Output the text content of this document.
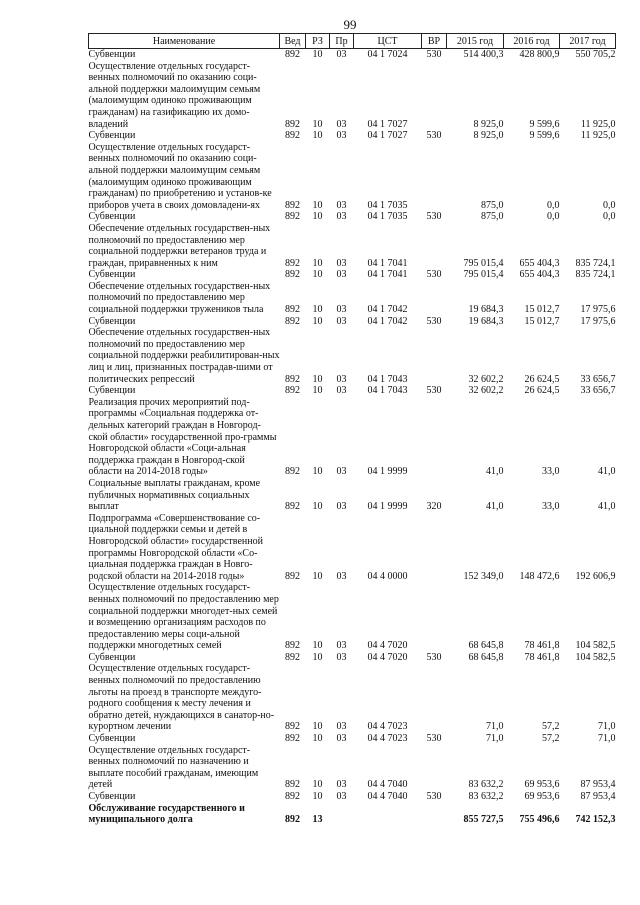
99
Наименование	Вед	РЗ	Пр	ЦСТ	ВР	2015 год	2016 год	2017 год
Субвенции	892	10	03	04 1 7024	530	514 400,3	428 800,9	550 705,2
Осуществление отдельных государст-венных полномочий по оказанию соци-альной поддержки малоимущим семьям (малоимущим одиноко проживающим гражданам) на газификацию их домо-владений	892	10	03	04 1 7027		8 925,0	9 599,6	11 925,0
Субвенции	892	10	03	04 1 7027	530	8 925,0	9 599,6	11 925,0
Осуществление отдельных государст-венных полномочий по оказанию соци-альной поддержки малоимущим семьям (малоимущим одиноко проживающим гражданам) по приобретению и установ-ке приборов учета в своих домовладени-ях	892	10	03	04 1 7035		875,0	0,0	0,0
Субвенции	892	10	03	04 1 7035	530	875,0	0,0	0,0
Обеспечение отдельных государствен-ных полномочий по предоставлению мер социальной поддержки ветеранов труда и граждан, приравненных к ним	892	10	03	04 1 7041		795 015,4	655 404,3	835 724,1
Субвенции	892	10	03	04 1 7041	530	795 015,4	655 404,3	835 724,1
Обеспечение отдельных государствен-ных полномочий по предоставлению мер социальной поддержки тружеников тыла	892	10	03	04 1 7042		19 684,3	15 012,7	17 975,6
Субвенции	892	10	03	04 1 7042	530	19 684,3	15 012,7	17 975,6
Обеспечение отдельных государствен-ных полномочий по предоставлению мер социальной поддержки реабилитирован-ных лиц и лиц, признанных пострадав-шими от политических репрессий	892	10	03	04 1 7043		32 602,2	26 624,5	33 656,7
Субвенции	892	10	03	04 1 7043	530	32 602,2	26 624,5	33 656,7
Реализация прочих мероприятий под-программы «Социальная поддержка от-дельных категорий граждан в Новгород-ской области» государственной про-граммы Новгородской области «Соци-альная поддержка граждан в Новгород-ской области на 2014-2018 годы»	892	10	03	04 1 9999		41,0	33,0	41,0
Социальные выплаты гражданам, кроме публичных нормативных социальных выплат	892	10	03	04 1 9999	320	41,0	33,0	41,0
Подпрограмма «Совершенствование со-циальной поддержки семьи и детей в Новгородской области» государственной программы Новгородской области «Со-циальная поддержка граждан в Новго-родской области на 2014-2018 годы»	892	10	03	04 4 0000		152 349,0	148 472,6	192 606,9
Осуществление отдельных государст-венных полномочий по предоставлению мер социальной поддержки многодет-ных семей и возмещению организациям расходов по предоставлению меры соци-альной поддержки многодетных семей	892	10	03	04 4 7020		68 645,8	78 461,8	104 582,5
Субвенции	892	10	03	04 4 7020	530	68 645,8	78 461,8	104 582,5
Осуществление отдельных государст-венных полномочий по предоставлению льготы на проезд в транспорте междуго-родного сообщения к месту лечения и обратно детей, нуждающихся в санатор-но-курортном лечении	892	10	03	04 4 7023		71,0	57,2	71,0
Субвенции	892	10	03	04 4 7023	530	71,0	57,2	71,0
Осуществление отдельных государст-венных полномочий по назначению и выплате пособий гражданам, имеющим детей	892	10	03	04 4 7040		83 632,2	69 953,6	87 953,4
Субвенции	892	10	03	04 4 7040	530	83 632,2	69 953,6	87 953,4
Обслуживание государственного и муниципального долга	892	13				855 727,5	755 496,6	742 152,3
